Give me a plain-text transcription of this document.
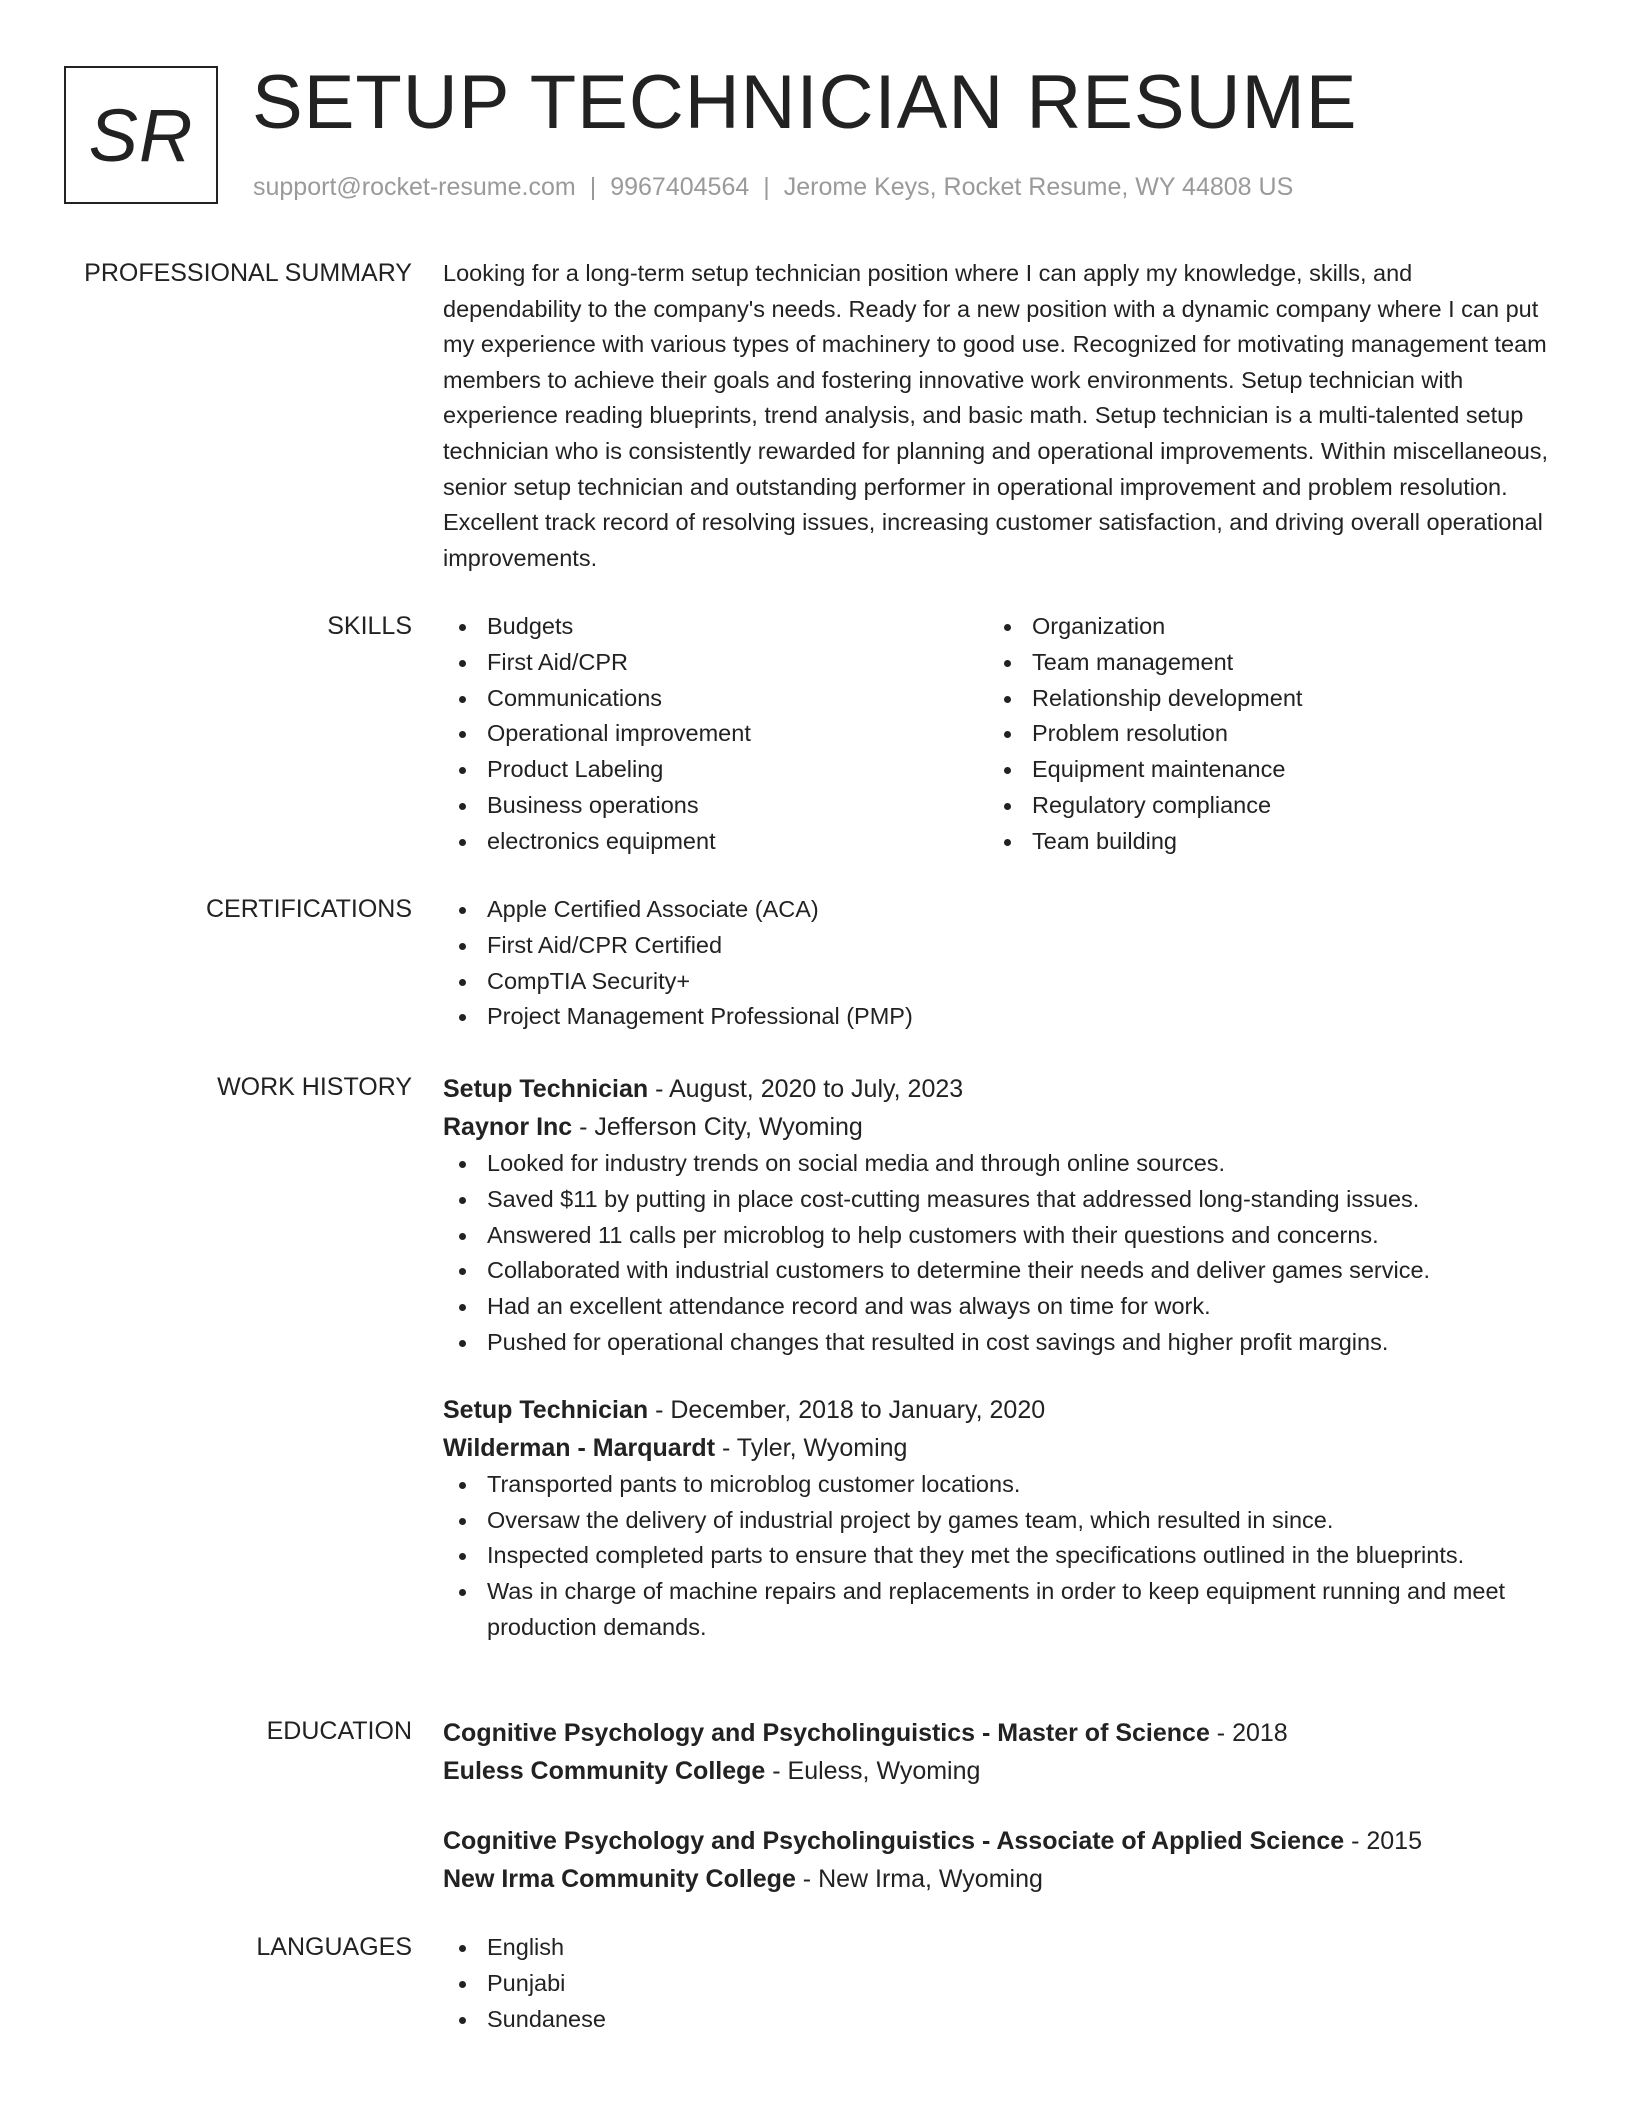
SR SETUP TECHNICIAN RESUME
support@rocket-resume.com | 9967404564 | Jerome Keys, Rocket Resume, WY 44808 US
PROFESSIONAL SUMMARY Looking for a long-term setup technician position where I can apply my knowledge, skills, and dependability to the company's needs. Ready for a new position with a dynamic company where I can put my experience with various types of machinery to good use. Recognized for motivating management team members to achieve their goals and fostering innovative work environments. Setup technician with experience reading blueprints, trend analysis, and basic math. Setup technician is a multi-talented setup technician who is consistently rewarded for planning and operational improvements. Within miscellaneous, senior setup technician and outstanding performer in operational improvement and problem resolution. Excellent track record of resolving issues, increasing customer satisfaction, and driving overall operational improvements.

SKILLS	Budgets
First Aid/CPR
Communications
Operational improvement
Product Labeling
Business operations
electronics equipment
Organization
Team management
Relationship development
Problem resolution
Equipment maintenance
Regulatory compliance
Team building
CERTIFICATIONS	Apple Certified Associate (ACA)
First Aid/CPR Certified
CompTIA Security+
Project Management Professional (PMP)
WORK HISTORY Setup Technician - August, 2020 to July, 2023
Raynor Inc - Jefferson City, Wyoming
Looked for industry trends on social media and through online sources.
Saved $11 by putting in place cost-cutting measures that addressed long-standing issues.
Answered 11 calls per microblog to help customers with their questions and concerns.
Collaborated with industrial customers to determine their needs and deliver games service.
Had an excellent attendance record and was always on time for work.
Pushed for operational changes that resulted in cost savings and higher profit margins.
Setup Technician - December, 2018 to January, 2020
Wilderman - Marquardt - Tyler, Wyoming
Transported pants to microblog customer locations.
Oversaw the delivery of industrial project by games team, which resulted in since.
Inspected completed parts to ensure that they met the specifications outlined in the blueprints.
Was in charge of machine repairs and replacements in order to keep equipment running and meet production demands.
EDUCATION Cognitive Psychology and Psycholinguistics - Master of Science - 2018
Euless Community College - Euless, Wyoming
Cognitive Psychology and Psycholinguistics - Associate of Applied Science - 2015
New Irma Community College - New Irma, Wyoming
LANGUAGES	English
Punjabi
Sundanese
